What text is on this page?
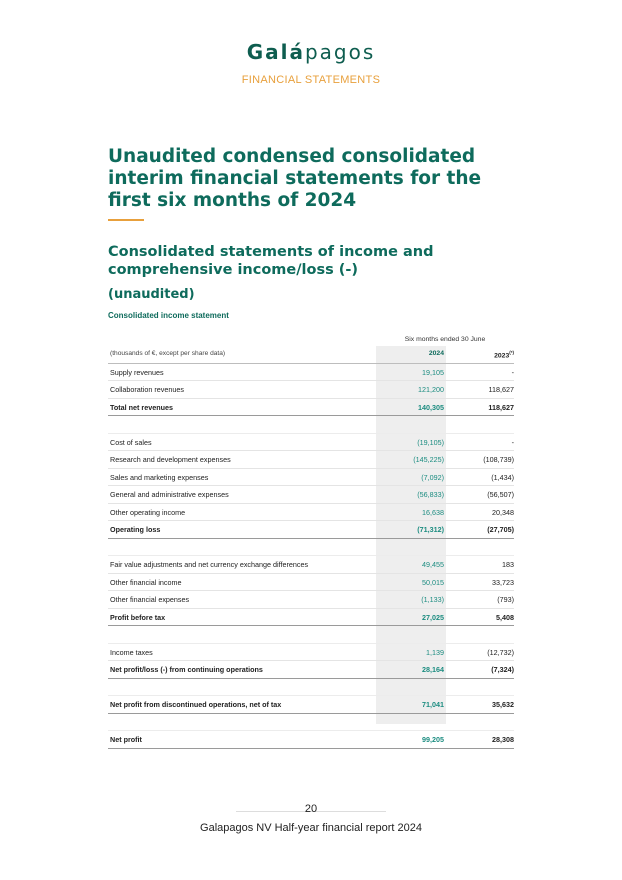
Galápagos
FINANCIAL STATEMENTS
Unaudited condensed consolidated interim financial statements for the first six months of 2024
Consolidated statements of income and comprehensive income/loss (-)
(unaudited)
Consolidated income statement
Six months ended 30 June
(thousands of €, except per share data)	2024	2023(*)
Supply revenues	19,105	-
Collaboration revenues	121,200	118,627
Total net revenues	140,305	118,627
Cost of sales	(19,105)	-
Research and development expenses	(145,225)	(108,739)
Sales and marketing expenses	(7,092)	(1,434)
General and administrative expenses	(56,833)	(56,507)
Other operating income	16,638	20,348
Operating loss	(71,312)	(27,705)
Fair value adjustments and net currency exchange differences	49,455	183
Other financial income	50,015	33,723
Other financial expenses	(1,133)	(793)
Profit before tax	27,025	5,408
Income taxes	1,139	(12,732)
Net profit/loss (-) from continuing operations	28,164	(7,324)
Net profit from discontinued operations, net of tax	71,041	35,632
Net profit	99,205	28,308
20
Galapagos NV Half-year financial report 2024
